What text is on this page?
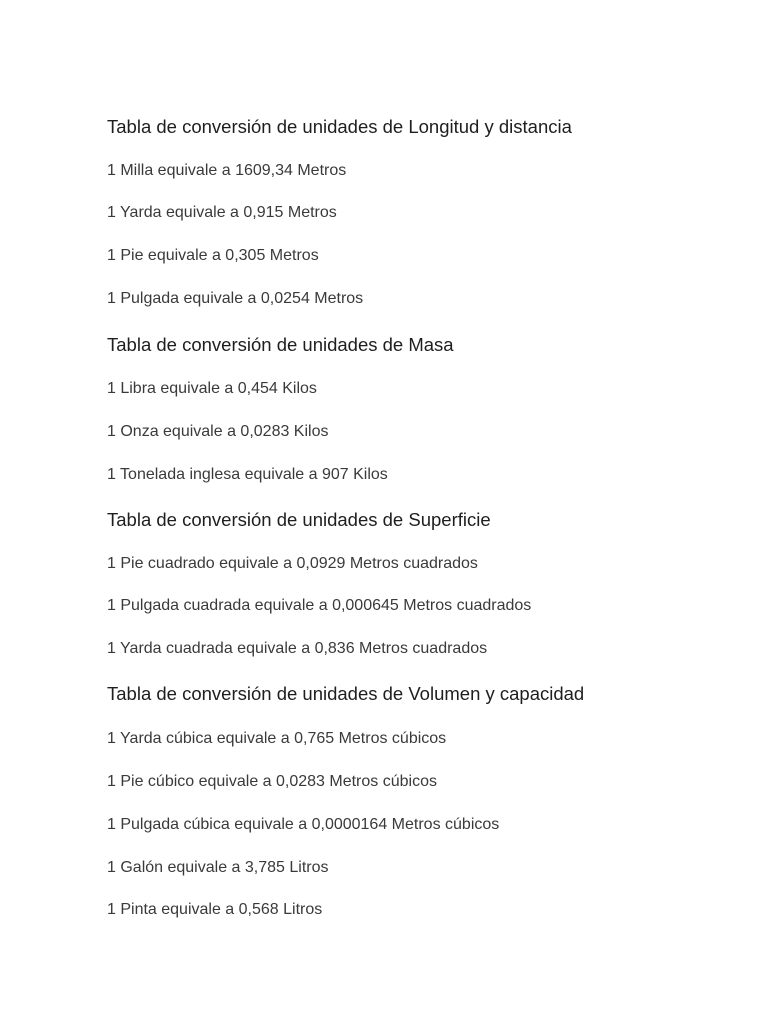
Tabla de conversión de unidades de Longitud y distancia

1 Milla equivale a 1609,34 Metros

1 Yarda equivale a 0,915 Metros

1 Pie equivale a 0,305 Metros

1 Pulgada equivale a 0,0254 Metros

Tabla de conversión de unidades de Masa

1 Libra equivale a 0,454 Kilos

1 Onza equivale a 0,0283 Kilos

1 Tonelada inglesa equivale a 907 Kilos

Tabla de conversión de unidades de Superficie

1 Pie cuadrado equivale a 0,0929 Metros cuadrados

1 Pulgada cuadrada equivale a 0,000645 Metros cuadrados

1 Yarda cuadrada equivale a 0,836 Metros cuadrados

Tabla de conversión de unidades de Volumen y capacidad

1 Yarda cúbica equivale a 0,765 Metros cúbicos

1 Pie cúbico equivale a 0,0283 Metros cúbicos

1 Pulgada cúbica equivale a 0,0000164 Metros cúbicos

1 Galón equivale a 3,785 Litros

1 Pinta equivale a 0,568 Litros
